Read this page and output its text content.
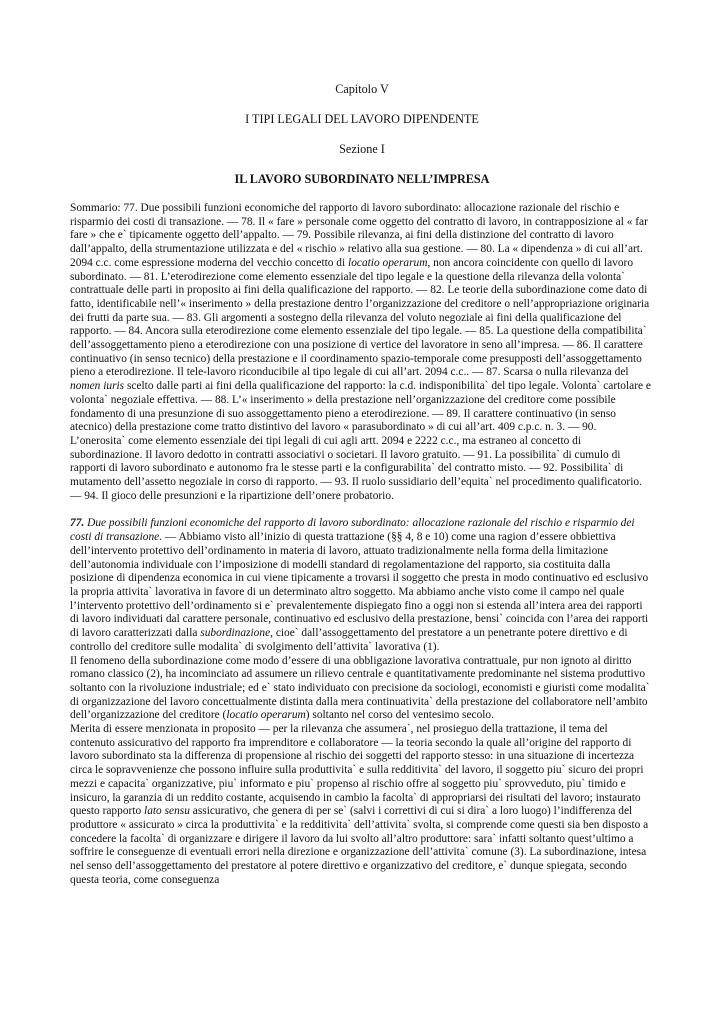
Capitolo V

I TIPI LEGALI DEL LAVORO DIPENDENTE

Sezione I

IL LAVORO SUBORDINATO NELL’IMPRESA

Sommario: 77. Due possibili funzioni economiche del rapporto di lavoro subordinato: allocazione razionale del rischio e risparmio dei costi di transazione. — 78. Il « fare » personale come oggetto del contratto di lavoro, in contrapposizione al « far fare » che e` tipicamente oggetto dell’appalto. — 79. Possibile rilevanza, ai fini della distinzione del contratto di lavoro dall’appalto, della strumentazione utilizzata e del « rischio » relativo alla sua gestione. — 80. La « dipendenza » di cui all’art. 2094 c.c. come espressione moderna del vecchio concetto di locatio operarum, non ancora coincidente con quello di lavoro subordinato. — 81. L’eterodirezione come elemento essenziale del tipo legale e la questione della rilevanza della volonta` contrattuale delle parti in proposito ai fini della qualificazione del rapporto. — 82. Le teorie della subordinazione come dato di fatto, identificabile nell’« inserimento » della prestazione dentro l’organizzazione del creditore o nell’appropriazione originaria dei frutti da parte sua. — 83. Gli argomenti a sostegno della rilevanza del voluto negoziale ai fini della qualificazione del rapporto. — 84. Ancora sulla eterodirezione come elemento essenziale del tipo legale. — 85. La questione della compatibilita` dell’assoggettamento pieno a eterodirezione con una posizione di vertice del lavoratore in seno all’impresa. — 86. Il carattere continuativo (in senso tecnico) della prestazione e il coordinamento spazio-temporale come presupposti dell’assoggettamento pieno a eterodirezione. Il tele-lavoro riconducibile al tipo legale di cui all’art. 2094 c.c.. — 87. Scarsa o nulla rilevanza del nomen iuris scelto dalle parti ai fini della qualificazione del rapporto: la c.d. indisponibilita` del tipo legale. Volonta` cartolare e volonta` negoziale effettiva. — 88. L’« inserimento » della prestazione nell’organizzazione del creditore come possibile fondamento di una presunzione di suo assoggettamento pieno a eterodirezione. — 89. Il carattere continuativo (in senso atecnico) della prestazione come tratto distintivo del lavoro « parasubordinato » di cui all’art. 409 c.p.c. n. 3. — 90. L’onerosita` come elemento essenziale dei tipi legali di cui agli artt. 2094 e 2222 c.c., ma estraneo al concetto di subordinazione. Il lavoro dedotto in contratti associativi o societari. Il lavoro gratuito. — 91. La possibilita` di cumulo di rapporti di lavoro subordinato e autonomo fra le stesse parti e la configurabilita` del contratto misto. — 92. Possibilita` di mutamento dell’assetto negoziale in corso di rapporto. — 93. Il ruolo sussidiario dell’equita` nel procedimento qualificatorio. — 94. Il gioco delle presunzioni e la ripartizione dell’onere probatorio.

77. Due possibili funzioni economiche del rapporto di lavoro subordinato: allocazione razionale del rischio e risparmio dei costi di transazione. — Abbiamo visto all’inizio di questa trattazione (§§ 4, 8 e 10) come una ragion d’essere obbiettiva dell’intervento protettivo dell’ordinamento in materia di lavoro, attuato tradizionalmente nella forma della limitazione dell’autonomia individuale con l’imposizione di modelli standard di regolamentazione del rapporto, sia costituita dalla posizione di dipendenza economica in cui viene tipicamente a trovarsi il soggetto che presta in modo continuativo ed esclusivo la propria attivita` lavorativa in favore di un determinato altro soggetto. Ma abbiamo anche visto come il campo nel quale l’intervento protettivo dell’ordinamento si e` prevalentemente dispiegato fino a oggi non si estenda all’intera area dei rapporti di lavoro individuati dal carattere personale, continuativo ed esclusivo della prestazione, bensi` coincida con l’area dei rapporti di lavoro caratterizzati dalla subordinazione, cioe` dall’assoggettamento del prestatore a un penetrante potere direttivo e di controllo del creditore sulle modalita` di svolgimento dell’attivita` lavorativa (1).

Il fenomeno della subordinazione come modo d’essere di una obbligazione lavorativa contrattuale, pur non ignoto al diritto romano classico (2), ha incominciato ad assumere un rilievo centrale e quantitativamente predominante nel sistema produttivo soltanto con la rivoluzione industriale; ed e` stato individuato con precisione da sociologi, economisti e giuristi come modalita` di organizzazione del lavoro concettualmente distinta dalla mera continuativita` della prestazione del collaboratore nell’ambito dell’organizzazione del creditore (locatio operarum) soltanto nel corso del ventesimo secolo.

Merita di essere menzionata in proposito — per la rilevanza che assumera`, nel prosieguo della trattazione, il tema del contenuto assicurativo del rapporto fra imprenditore e collaboratore — la teoria secondo la quale all’origine del rapporto di lavoro subordinato sta la differenza di propensione al rischio dei soggetti del rapporto stesso: in una situazione di incertezza circa le sopravvenienze che possono influire sulla produttivita` e sulla redditivita` del lavoro, il soggetto piu` sicuro dei propri mezzi e capacita` organizzative, piu` informato e piu` propenso al rischio offre al soggetto piu` sprovveduto, piu` timido e insicuro, la garanzia di un reddito costante, acquisendo in cambio la facolta` di appropriarsi dei risultati del lavoro; instaurato questo rapporto lato sensu assicurativo, che genera di per se` (salvi i correttivi di cui si dira` a loro luogo) l’indifferenza del produttore « assicurato » circa la produttivita` e la redditivita` dell’attivita` svolta, si comprende come questi sia ben disposto a concedere la facolta` di organizzare e dirigere il lavoro da lui svolto all’altro produttore: sara` infatti soltanto quest’ultimo a soffrire le conseguenze di eventuali errori nella direzione e organizzazione dell’attivita` comune (3). La subordinazione, intesa nel senso dell’assoggettamento del prestatore al potere direttivo e organizzativo del creditore, e` dunque spiegata, secondo questa teoria, come conseguenza
